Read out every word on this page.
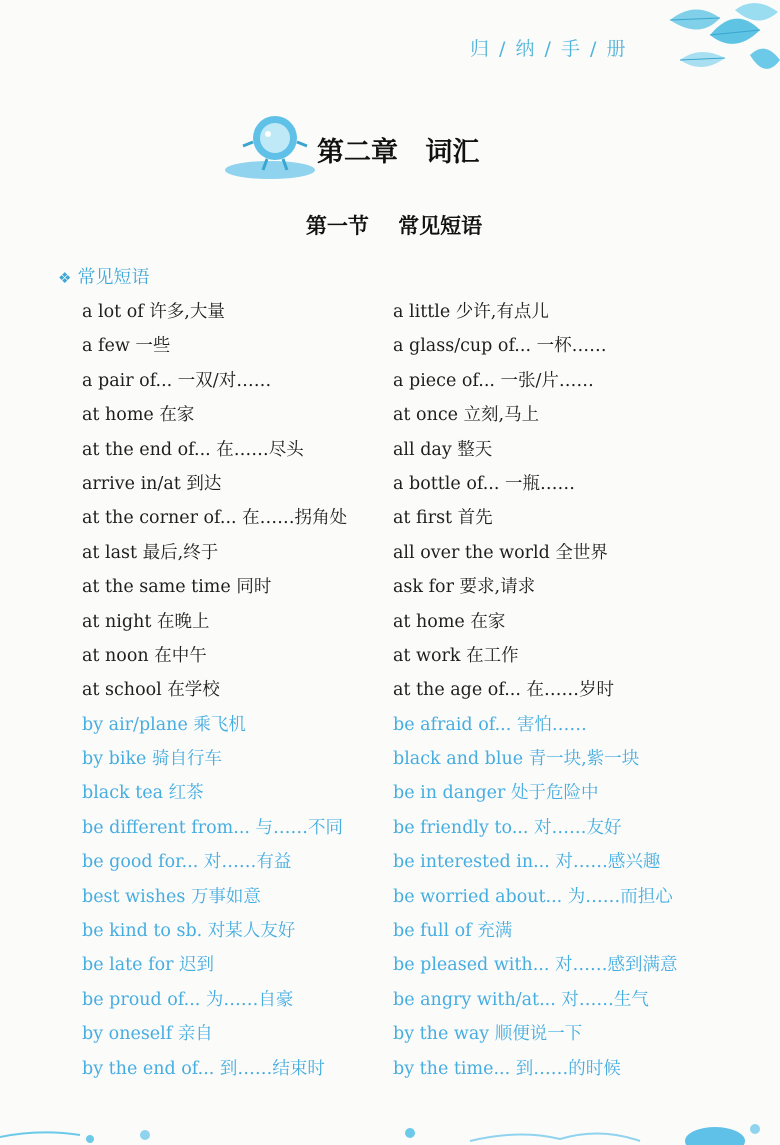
归 / 纳 / 手 / 册
第二章 词汇
第一节 常见短语
❖ 常见短语
a lot of 许多,大量
a few 一些
a pair of... 一双/对……
at home 在家
at the end of... 在……尽头
arrive in/at 到达
at the corner of... 在……拐角处
at last 最后,终于
at the same time 同时
at night 在晚上
at noon 在中午
at school 在学校
by air/plane 乘飞机
by bike 骑自行车
black tea 红茶
be different from... 与……不同
be good for... 对……有益
best wishes 万事如意
be kind to sb. 对某人友好
be late for 迟到
be proud of... 为……自豪
by oneself 亲自
by the end of... 到……结束时
a little 少许,有点儿
a glass/cup of... 一杯……
a piece of... 一张/片……
at once 立刻,马上
all day 整天
a bottle of... 一瓶……
at first 首先
all over the world 全世界
ask for 要求,请求
at home 在家
at work 在工作
at the age of... 在……岁时
be afraid of... 害怕……
black and blue 青一块,紫一块
be in danger 处于危险中
be friendly to... 对……友好
be interested in... 对……感兴趣
be worried about... 为……而担心
be full of 充满
be pleased with... 对……感到满意
be angry with/at... 对……生气
by the way 顺便说一下
by the time... 到……的时候
